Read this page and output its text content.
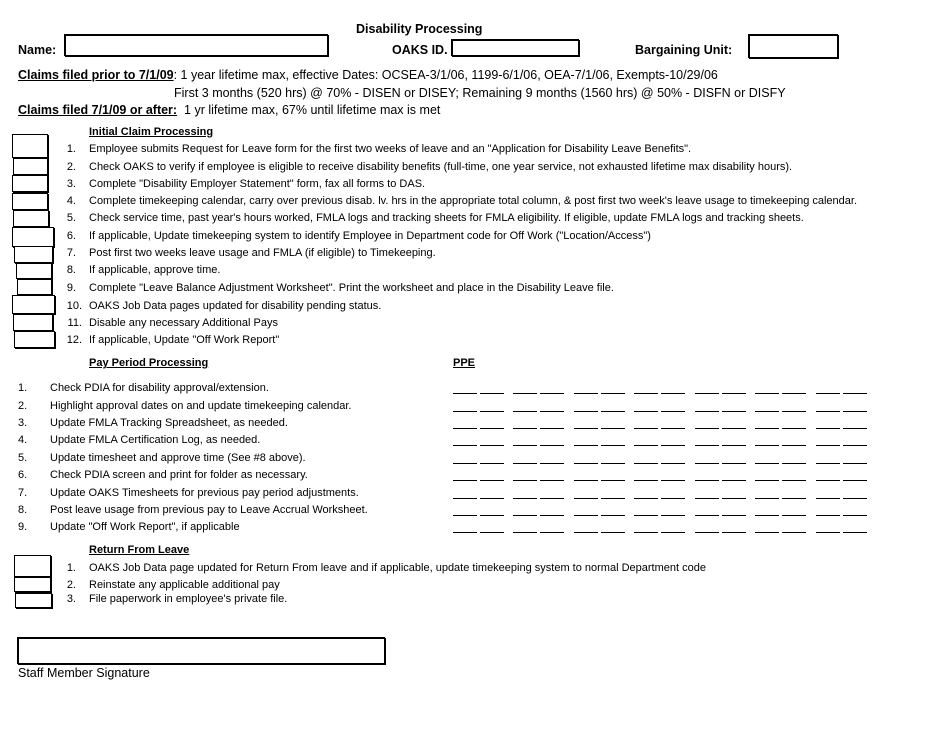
Disability Processing
Name:	OAKS ID.	Bargaining Unit:
Claims filed prior to 7/1/09: 1 year lifetime max, effective Dates: OCSEA-3/1/06, 1199-6/1/06, OEA-7/1/06, Exempts-10/29/06
First 3 months (520 hrs) @ 70% - DISEN or DISEY; Remaining 9 months (1560 hrs) @ 50% - DISFN or DISFY
Claims filed 7/1/09 or after: 1 yr lifetime max, 67% until lifetime max is met
Initial Claim Processing
1. Employee submits Request for Leave form for the first two weeks of leave and an "Application for Disability Leave Benefits".
2. Check OAKS to verify if employee is eligible to receive disability benefits (full-time, one year service, not exhausted lifetime max disability hours).
3. Complete "Disability Employer Statement" form, fax all forms to DAS.
4. Complete timekeeping calendar, carry over previous disab. lv. hrs in the appropriate total column, & post first two week's leave usage to timekeeping calendar.
5. Check service time, past year's hours worked, FMLA logs and tracking sheets for FMLA eligibility. If eligible, update FMLA logs and tracking sheets.
6. If applicable, Update timekeeping system to identify Employee in Department code for Off Work ("Location/Access")
7. Post first two weeks leave usage and FMLA (if eligible) to Timekeeping.
8. If applicable, approve time.
9. Complete "Leave Balance Adjustment Worksheet". Print the worksheet and place in the Disability Leave file.
10. OAKS Job Data pages updated for disability pending status.
11. Disable any necessary Additional Pays
12. If applicable, Update "Off Work Report"
Pay Period Processing	PPE
1. Check PDIA for disability approval/extension.
2. Highlight approval dates on and update timekeeping calendar.
3. Update FMLA Tracking Spreadsheet, as needed.
4. Update FMLA Certification Log, as needed.
5. Update timesheet and approve time (See #8 above).
6. Check PDIA screen and print for folder as necessary.
7. Update OAKS Timesheets for previous pay period adjustments.
8. Post leave usage from previous pay to Leave Accrual Worksheet.
9. Update "Off Work Report", if applicable
Return From Leave
1. OAKS Job Data page updated for Return From leave and if applicable, update timekeeping system to normal Department code
2. Reinstate any applicable additional pay
3. File paperwork in employee's private file.
Staff Member Signature
